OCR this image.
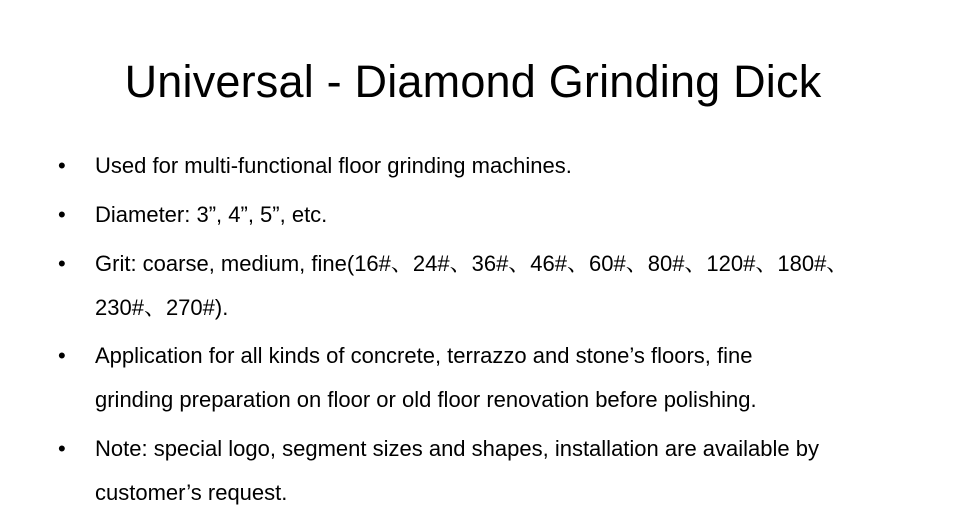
Universal - Diamond Grinding Dick
• Used for multi-functional floor grinding machines.
• Diameter: 3”, 4”, 5”, etc.
• Grit: coarse, medium, fine(16#、24#、36#、46#、60#、80#、120#、180#、
230#、270#).
• Application for all kinds of concrete, terrazzo and stone’s floors, fine
grinding preparation on floor or old floor renovation before polishing.
• Note: special logo, segment sizes and shapes, installation are available by
customer’s request.
